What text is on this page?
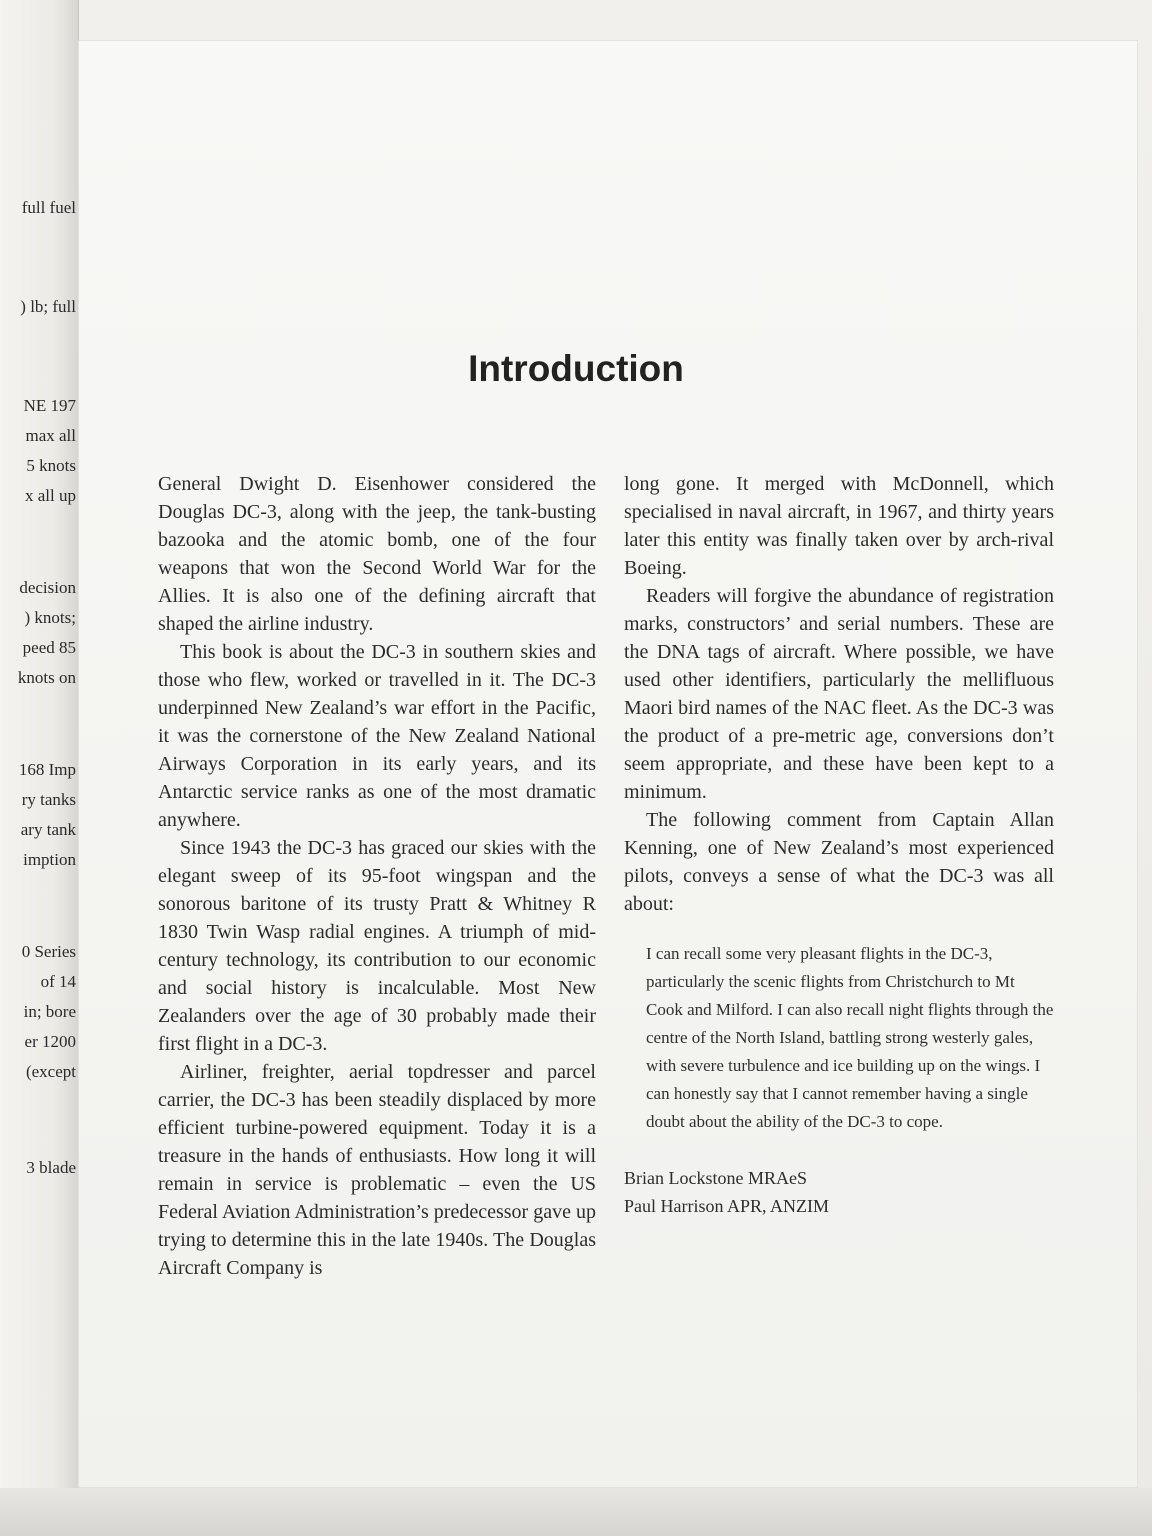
full fuel
) lb; full
NE 197
max all
5 knots
x all up
decision
) knots;
peed 85
knots on
168 Imp
ry tanks
ary tank
imption
0 Series
of 14
in; bore
er 1200
(except
3 blade
Introduction

General Dwight D. Eisenhower considered the Douglas DC-3, along with the jeep, the tank-busting bazooka and the atomic bomb, one of the four weapons that won the Second World War for the Allies. It is also one of the defining aircraft that shaped the airline industry.

This book is about the DC-3 in southern skies and those who flew, worked or travelled in it. The DC-3 underpinned New Zealand’s war effort in the Pacific, it was the cornerstone of the New Zealand National Airways Corporation in its early years, and its Antarctic service ranks as one of the most dramatic anywhere.

Since 1943 the DC-3 has graced our skies with the elegant sweep of its 95-foot wingspan and the sonorous baritone of its trusty Pratt & Whitney R 1830 Twin Wasp radial engines. A triumph of mid-century technology, its contribution to our economic and social history is incalculable. Most New Zealanders over the age of 30 probably made their first flight in a DC-3.

Airliner, freighter, aerial topdresser and parcel carrier, the DC-3 has been steadily displaced by more efficient turbine-powered equipment. Today it is a treasure in the hands of enthusiasts. How long it will remain in service is problematic – even the US Federal Aviation Administration’s predecessor gave up trying to determine this in the late 1940s. The Douglas Aircraft Company is

long gone. It merged with McDonnell, which specialised in naval aircraft, in 1967, and thirty years later this entity was finally taken over by arch-rival Boeing.

Readers will forgive the abundance of registration marks, constructors’ and serial numbers. These are the DNA tags of aircraft. Where possible, we have used other identifiers, particularly the mellifluous Maori bird names of the NAC fleet. As the DC-3 was the product of a pre-metric age, conversions don’t seem appropriate, and these have been kept to a minimum.

The following comment from Captain Allan Kenning, one of New Zealand’s most experienced pilots, conveys a sense of what the DC-3 was all about:

I can recall some very pleasant flights in the DC-3, particularly the scenic flights from Christchurch to Mt Cook and Milford. I can also recall night flights through the centre of the North Island, battling strong westerly gales, with severe turbulence and ice building up on the wings. I can honestly say that I cannot remember having a single doubt about the ability of the DC-3 to cope.

Brian Lockstone MRAeS
Paul Harrison APR, ANZIM
